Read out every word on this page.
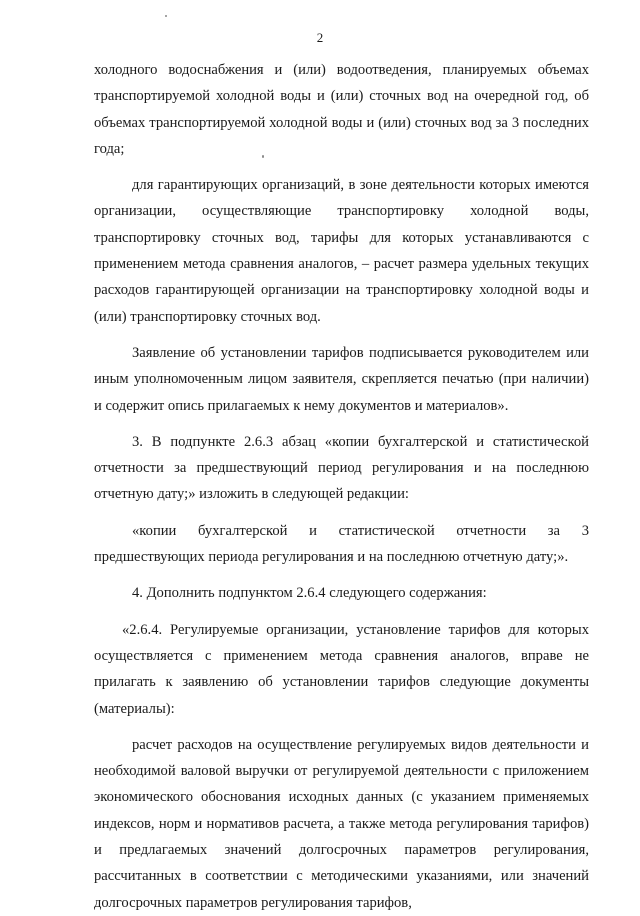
2

холодного водоснабжения и (или) водоотведения, планируемых объемах транспортируемой холодной воды и (или) сточных вод на очередной год, об объемах транспортируемой холодной воды и (или) сточных вод за 3 последних года;

для гарантирующих организаций, в зоне деятельности которых имеются организации, осуществляющие транспортировку холодной воды, транспортировку сточных вод, тарифы для которых устанавливаются с применением метода сравнения аналогов, – расчет размера удельных текущих расходов гарантирующей организации на транспортировку холодной воды и (или) транспортировку сточных вод.

Заявление об установлении тарифов подписывается руководителем или иным уполномоченным лицом заявителя, скрепляется печатью (при наличии) и содержит опись прилагаемых к нему документов и материалов».

3. В подпункте 2.6.3 абзац «копии бухгалтерской и статистической отчетности за предшествующий период регулирования и на последнюю отчетную дату;» изложить в следующей редакции:

«копии бухгалтерской и статистической отчетности за 3 предшествующих периода регулирования и на последнюю отчетную дату;».

4. Дополнить подпунктом 2.6.4 следующего содержания:

«2.6.4. Регулируемые организации, установление тарифов для которых осуществляется с применением метода сравнения аналогов, вправе не прилагать к заявлению об установлении тарифов следующие документы (материалы):

расчет расходов на осуществление регулируемых видов деятельности и необходимой валовой выручки от регулируемой деятельности с приложением экономического обоснования исходных данных (с указанием применяемых индексов, норм и нормативов расчета, а также метода регулирования тарифов) и предлагаемых значений долгосрочных параметров регулирования, рассчитанных в соответствии с методическими указаниями, или значений долгосрочных параметров регулирования тарифов,
